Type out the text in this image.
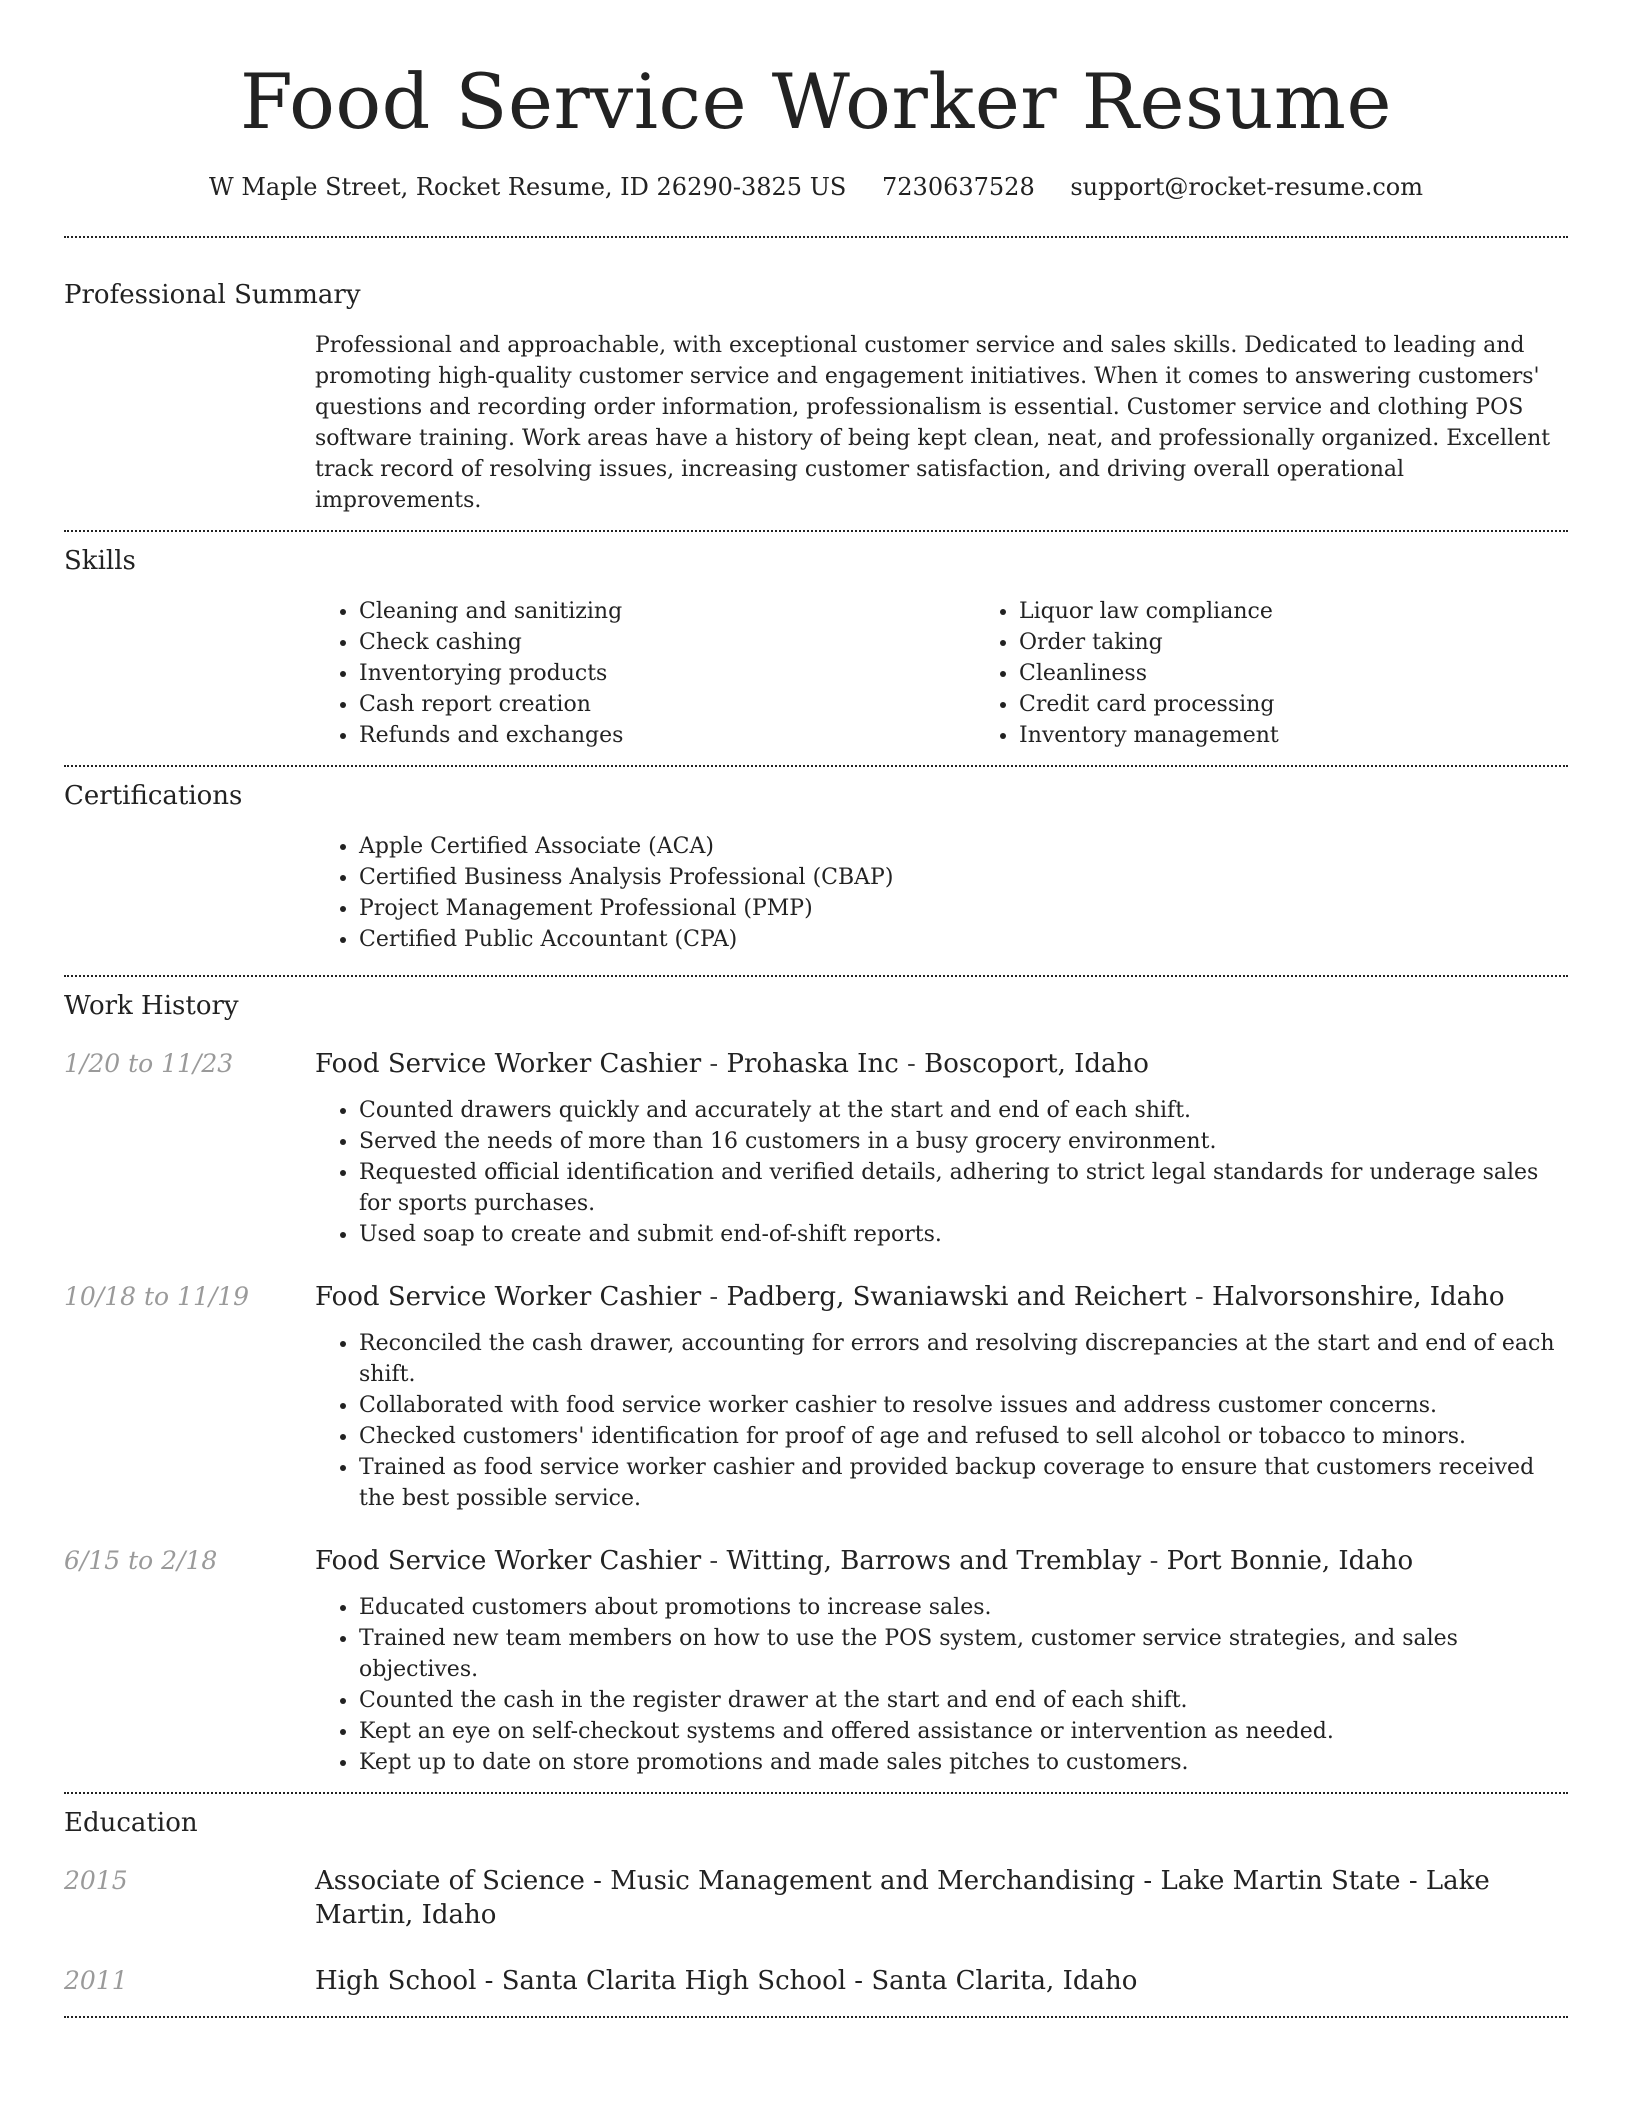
Food Service Worker Resume
W Maple Street, Rocket Resume, ID 26290-3825 US 7230637528 support@rocket-resume.com
Professional Summary

Professional and approachable, with exceptional customer service and sales skills. Dedicated to leading and promoting high-quality customer service and engagement initiatives. When it comes to answering customers' questions and recording order information, professionalism is essential. Customer service and clothing POS software training. Work areas have a history of being kept clean, neat, and professionally organized. Excellent track record of resolving issues, increasing customer satisfaction, and driving overall operational improvements.

Skills
• Cleaning and sanitizing
• Check cashing
• Inventorying products
• Cash report creation
• Refunds and exchanges
• Liquor law compliance
• Order taking
• Cleanliness
• Credit card processing
• Inventory management
Certifications
• Apple Certified Associate (ACA)
• Certified Business Analysis Professional (CBAP)
• Project Management Professional (PMP)
• Certified Public Accountant (CPA)
Work History
1/20 to 11/23	Food Service Worker Cashier - Prohaska Inc - Boscoport, Idaho
• Counted drawers quickly and accurately at the start and end of each shift.
• Served the needs of more than 16 customers in a busy grocery environment.
• Requested official identification and verified details, adhering to strict legal standards for underage sales for sports purchases.
• Used soap to create and submit end-of-shift reports.
10/18 to 11/19	Food Service Worker Cashier - Padberg, Swaniawski and Reichert - Halvorsonshire, Idaho
• Reconciled the cash drawer, accounting for errors and resolving discrepancies at the start and end of each shift.
• Collaborated with food service worker cashier to resolve issues and address customer concerns.
• Checked customers' identification for proof of age and refused to sell alcohol or tobacco to minors.
• Trained as food service worker cashier and provided backup coverage to ensure that customers received the best possible service.
6/15 to 2/18	Food Service Worker Cashier - Witting, Barrows and Tremblay - Port Bonnie, Idaho
• Educated customers about promotions to increase sales.
• Trained new team members on how to use the POS system, customer service strategies, and sales objectives.
• Counted the cash in the register drawer at the start and end of each shift.
• Kept an eye on self-checkout systems and offered assistance or intervention as needed.
• Kept up to date on store promotions and made sales pitches to customers.
Education
2015	Associate of Science - Music Management and Merchandising - Lake Martin State - Lake Martin, Idaho
2011	High School - Santa Clarita High School - Santa Clarita, Idaho
